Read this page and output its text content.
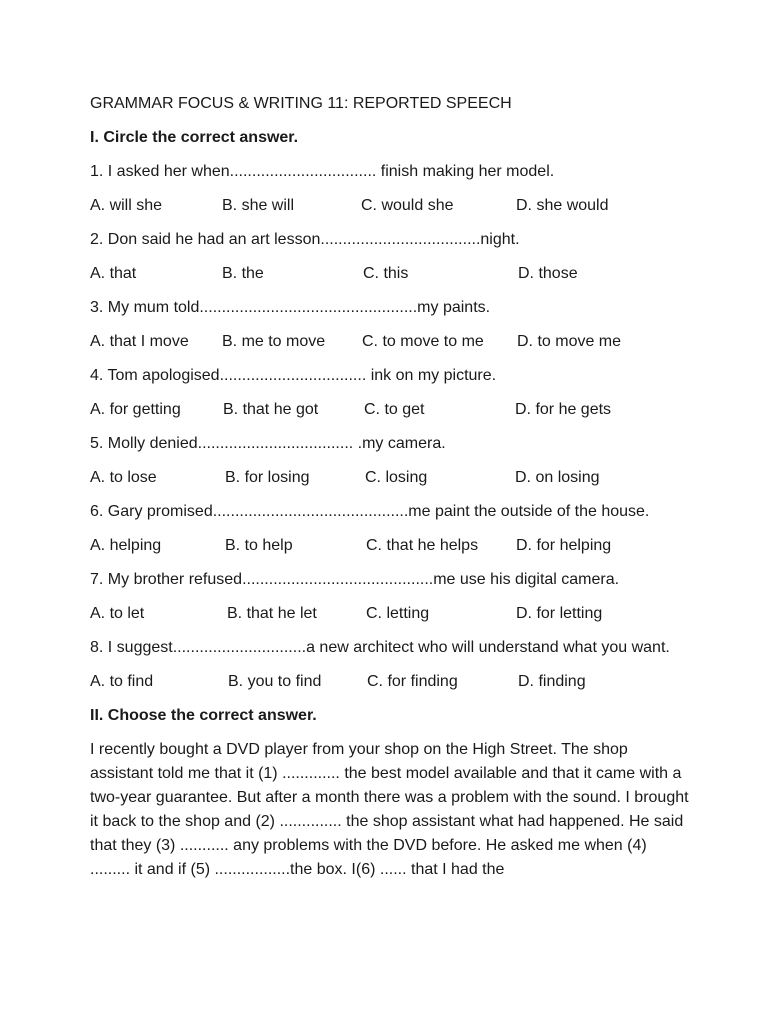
GRAMMAR FOCUS & WRITING 11: REPORTED SPEECH
I. Circle the correct answer.
1. I asked her when................................. finish making her model.
A. will she	B. she will	C. would she	D. she would
2. Don said he had an art lesson....................................night.
A. that	B. the	C. this	D. those
3. My mum told.................................................my paints.
A. that I move B. me to move C. to move to me D. to move me
4. Tom apologised................................. ink on my picture.
A. for getting	B. that he got	C. to get	D. for he gets
5. Molly denied................................... .my camera.
A. to lose	B. for losing	C. losing	D. on losing
6. Gary promised............................................me paint the outside of the house.
A. helping	B. to help	C. that he helps D. for helping
7. My brother refused...........................................me use his digital camera.
A. to let	B. that he let	C. letting	D. for letting
8. I suggest..............................a new architect who will understand what you want.
A. to find	B. you to find	C. for finding	D. finding
II. Choose the correct answer.

I recently bought a DVD player from your shop on the High Street. The shop assistant told me that it (1) ............. the best model available and that it came with a two-year guarantee. But after a month there was a problem with the sound. I brought it back to the shop and (2) .............. the shop assistant what had happened. He said that they (3) ........... any problems with the DVD before. He asked me when (4) ......... it and if (5) .................the box. I(6) ...... that I had the
